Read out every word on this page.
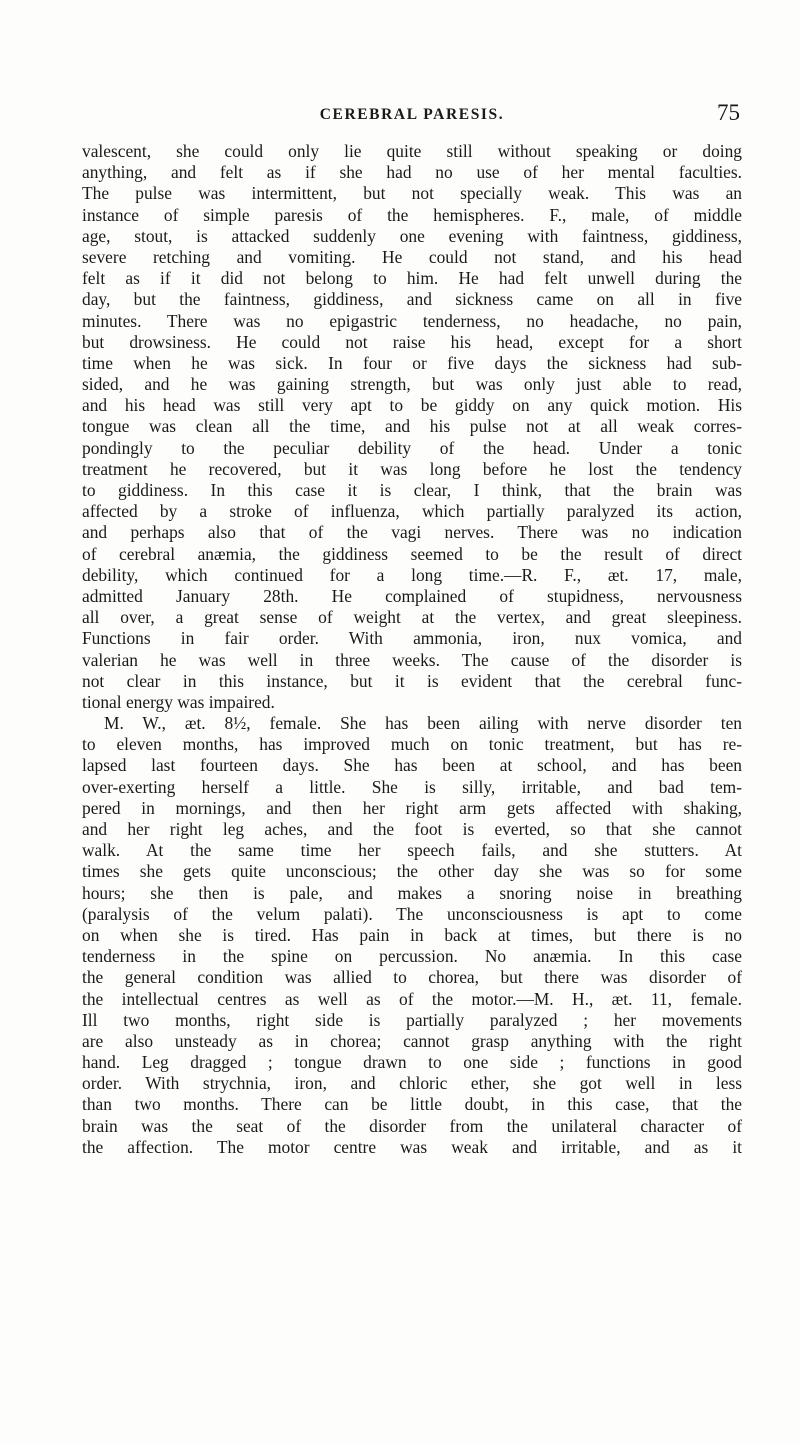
CEREBRAL PARESIS.	75
valescent, she could only lie quite still without speaking or doing
anything, and felt as if she had no use of her mental faculties.
The pulse was intermittent, but not specially weak. This was an
instance of simple paresis of the hemispheres. F., male, of middle
age, stout, is attacked suddenly one evening with faintness, giddiness,
severe retching and vomiting. He could not stand, and his head
felt as if it did not belong to him. He had felt unwell during the
day, but the faintness, giddiness, and sickness came on all in five
minutes. There was no epigastric tenderness, no headache, no pain,
but drowsiness. He could not raise his head, except for a short
time when he was sick. In four or five days the sickness had sub-
sided, and he was gaining strength, but was only just able to read,
and his head was still very apt to be giddy on any quick motion. His
tongue was clean all the time, and his pulse not at all weak corres-
pondingly to the peculiar debility of the head. Under a tonic
treatment he recovered, but it was long before he lost the tendency
to giddiness. In this case it is clear, I think, that the brain was
affected by a stroke of influenza, which partially paralyzed its action,
and perhaps also that of the vagi nerves. There was no indication
of cerebral anæmia, the giddiness seemed to be the result of direct
debility, which continued for a long time.—R. F., æt. 17, male,
admitted January 28th. He complained of stupidness, nervousness
all over, a great sense of weight at the vertex, and great sleepiness.
Functions in fair order. With ammonia, iron, nux vomica, and
valerian he was well in three weeks. The cause of the disorder is
not clear in this instance, but it is evident that the cerebral func-
tional energy was impaired.
M. W., æt. 8½, female. She has been ailing with nerve disorder ten
to eleven months, has improved much on tonic treatment, but has re-
lapsed last fourteen days. She has been at school, and has been
over-exerting herself a little. She is silly, irritable, and bad tem-
pered in mornings, and then her right arm gets affected with shaking,
and her right leg aches, and the foot is everted, so that she cannot
walk. At the same time her speech fails, and she stutters. At
times she gets quite unconscious; the other day she was so for some
hours; she then is pale, and makes a snoring noise in breathing
(paralysis of the velum palati). The unconsciousness is apt to come
on when she is tired. Has pain in back at times, but there is no
tenderness in the spine on percussion. No anæmia. In this case
the general condition was allied to chorea, but there was disorder of
the intellectual centres as well as of the motor.—M. H., æt. 11, female.
Ill two months, right side is partially paralyzed ; her movements
are also unsteady as in chorea; cannot grasp anything with the right
hand. Leg dragged ; tongue drawn to one side ; functions in good
order. With strychnia, iron, and chloric ether, she got well in less
than two months. There can be little doubt, in this case, that the
brain was the seat of the disorder from the unilateral character of
the affection. The motor centre was weak and irritable, and as it
